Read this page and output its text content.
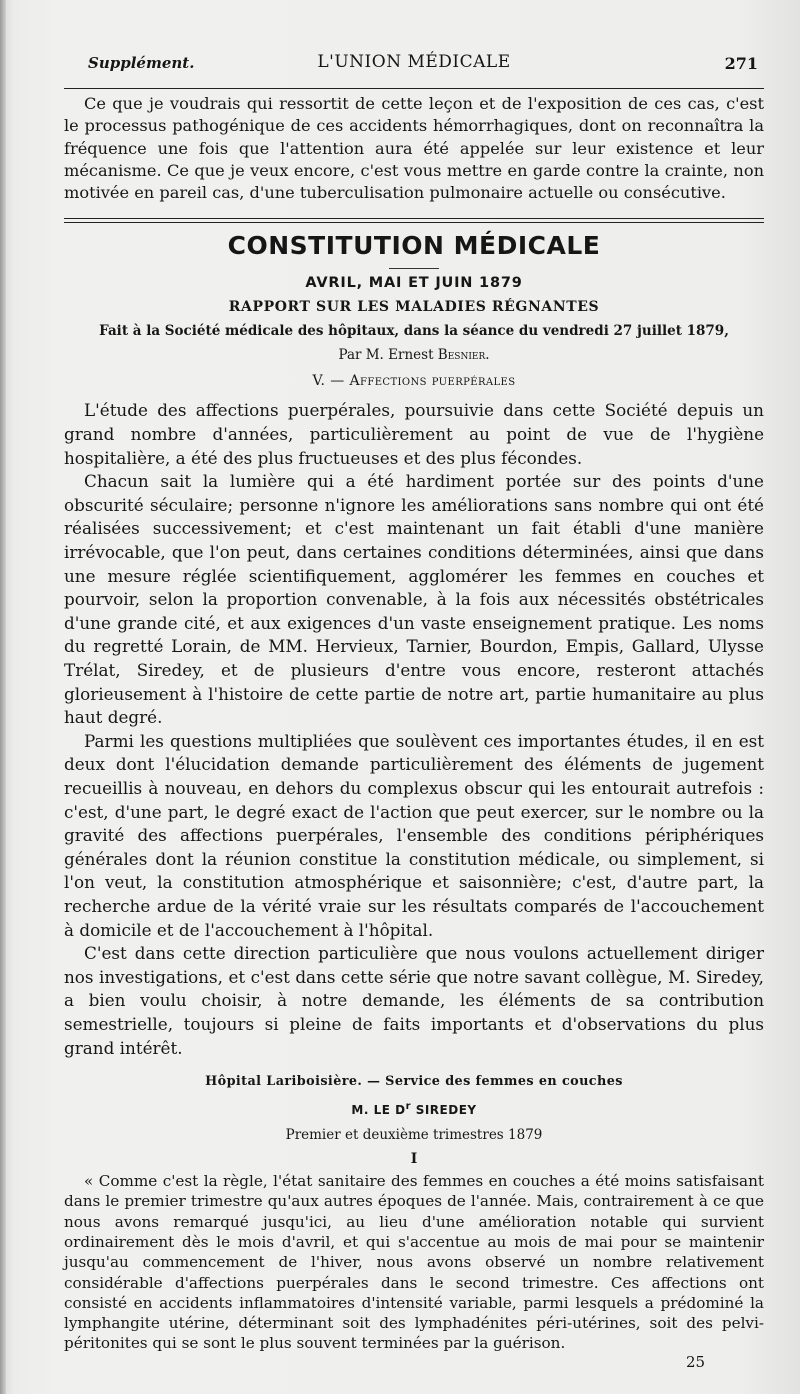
Supplément.	L'UNION MÉDICALE	271

Ce que je voudrais qui ressortit de cette leçon et de l'exposition de ces cas, c'est le processus pathogénique de ces accidents hémorrhagiques, dont on reconnaîtra la fréquence une fois que l'attention aura été appelée sur leur existence et leur mécanisme. Ce que je veux encore, c'est vous mettre en garde contre la crainte, non motivée en pareil cas, d'une tuberculisation pulmonaire actuelle ou consécutive.

CONSTITUTION MÉDICALE
AVRIL, MAI ET JUIN 1879
RAPPORT SUR LES MALADIES RÉGNANTES
Fait à la Société médicale des hôpitaux, dans la séance du vendredi 27 juillet 1879,
Par M. Ernest Besnier.
V. — Affections puerpérales

L'étude des affections puerpérales, poursuivie dans cette Société depuis un grand nombre d'années, particulièrement au point de vue de l'hygiène hospitalière, a été des plus fructueuses et des plus fécondes.

Chacun sait la lumière qui a été hardiment portée sur des points d'une obscurité séculaire; personne n'ignore les améliorations sans nombre qui ont été réalisées successivement; et c'est maintenant un fait établi d'une manière irrévocable, que l'on peut, dans certaines conditions déterminées, ainsi que dans une mesure réglée scientifiquement, agglomérer les femmes en couches et pourvoir, selon la proportion convenable, à la fois aux nécessités obstétricales d'une grande cité, et aux exigences d'un vaste enseignement pratique. Les noms du regretté Lorain, de MM. Hervieux, Tarnier, Bourdon, Empis, Gallard, Ulysse Trélat, Siredey, et de plusieurs d'entre vous encore, resteront attachés glorieusement à l'histoire de cette partie de notre art, partie humanitaire au plus haut degré.

Parmi les questions multipliées que soulèvent ces importantes études, il en est deux dont l'élucidation demande particulièrement des éléments de jugement recueillis à nouveau, en dehors du complexus obscur qui les entourait autrefois : c'est, d'une part, le degré exact de l'action que peut exercer, sur le nombre ou la gravité des affections puerpérales, l'ensemble des conditions périphériques générales dont la réunion constitue la constitution médicale, ou simplement, si l'on veut, la constitution atmosphérique et saisonnière; c'est, d'autre part, la recherche ardue de la vérité vraie sur les résultats comparés de l'accouchement à domicile et de l'accouchement à l'hôpital.

C'est dans cette direction particulière que nous voulons actuellement diriger nos investigations, et c'est dans cette série que notre savant collègue, M. Siredey, a bien voulu choisir, à notre demande, les éléments de sa contribution semestrielle, toujours si pleine de faits importants et d'observations du plus grand intérêt.

Hôpital Lariboisière. — Service des femmes en couches
M. LE $D^r$ SIREDEY
Premier et deuxième trimestres 1879
I

« Comme c'est la règle, l'état sanitaire des femmes en couches a été moins satisfaisant dans le premier trimestre qu'aux autres époques de l'année. Mais, contrairement à ce que nous avons remarqué jusqu'ici, au lieu d'une amélioration notable qui survient ordinairement dès le mois d'avril, et qui s'accentue au mois de mai pour se maintenir jusqu'au commencement de l'hiver, nous avons observé un nombre relativement considérable d'affections puerpérales dans le second trimestre. Ces affections ont consisté en accidents inflammatoires d'intensité variable, parmi lesquels a prédominé la lymphangite utérine, déterminant soit des lymphadénites péri-utérines, soit des pelvi-péritonites qui se sont le plus souvent terminées par la guérison.

25
